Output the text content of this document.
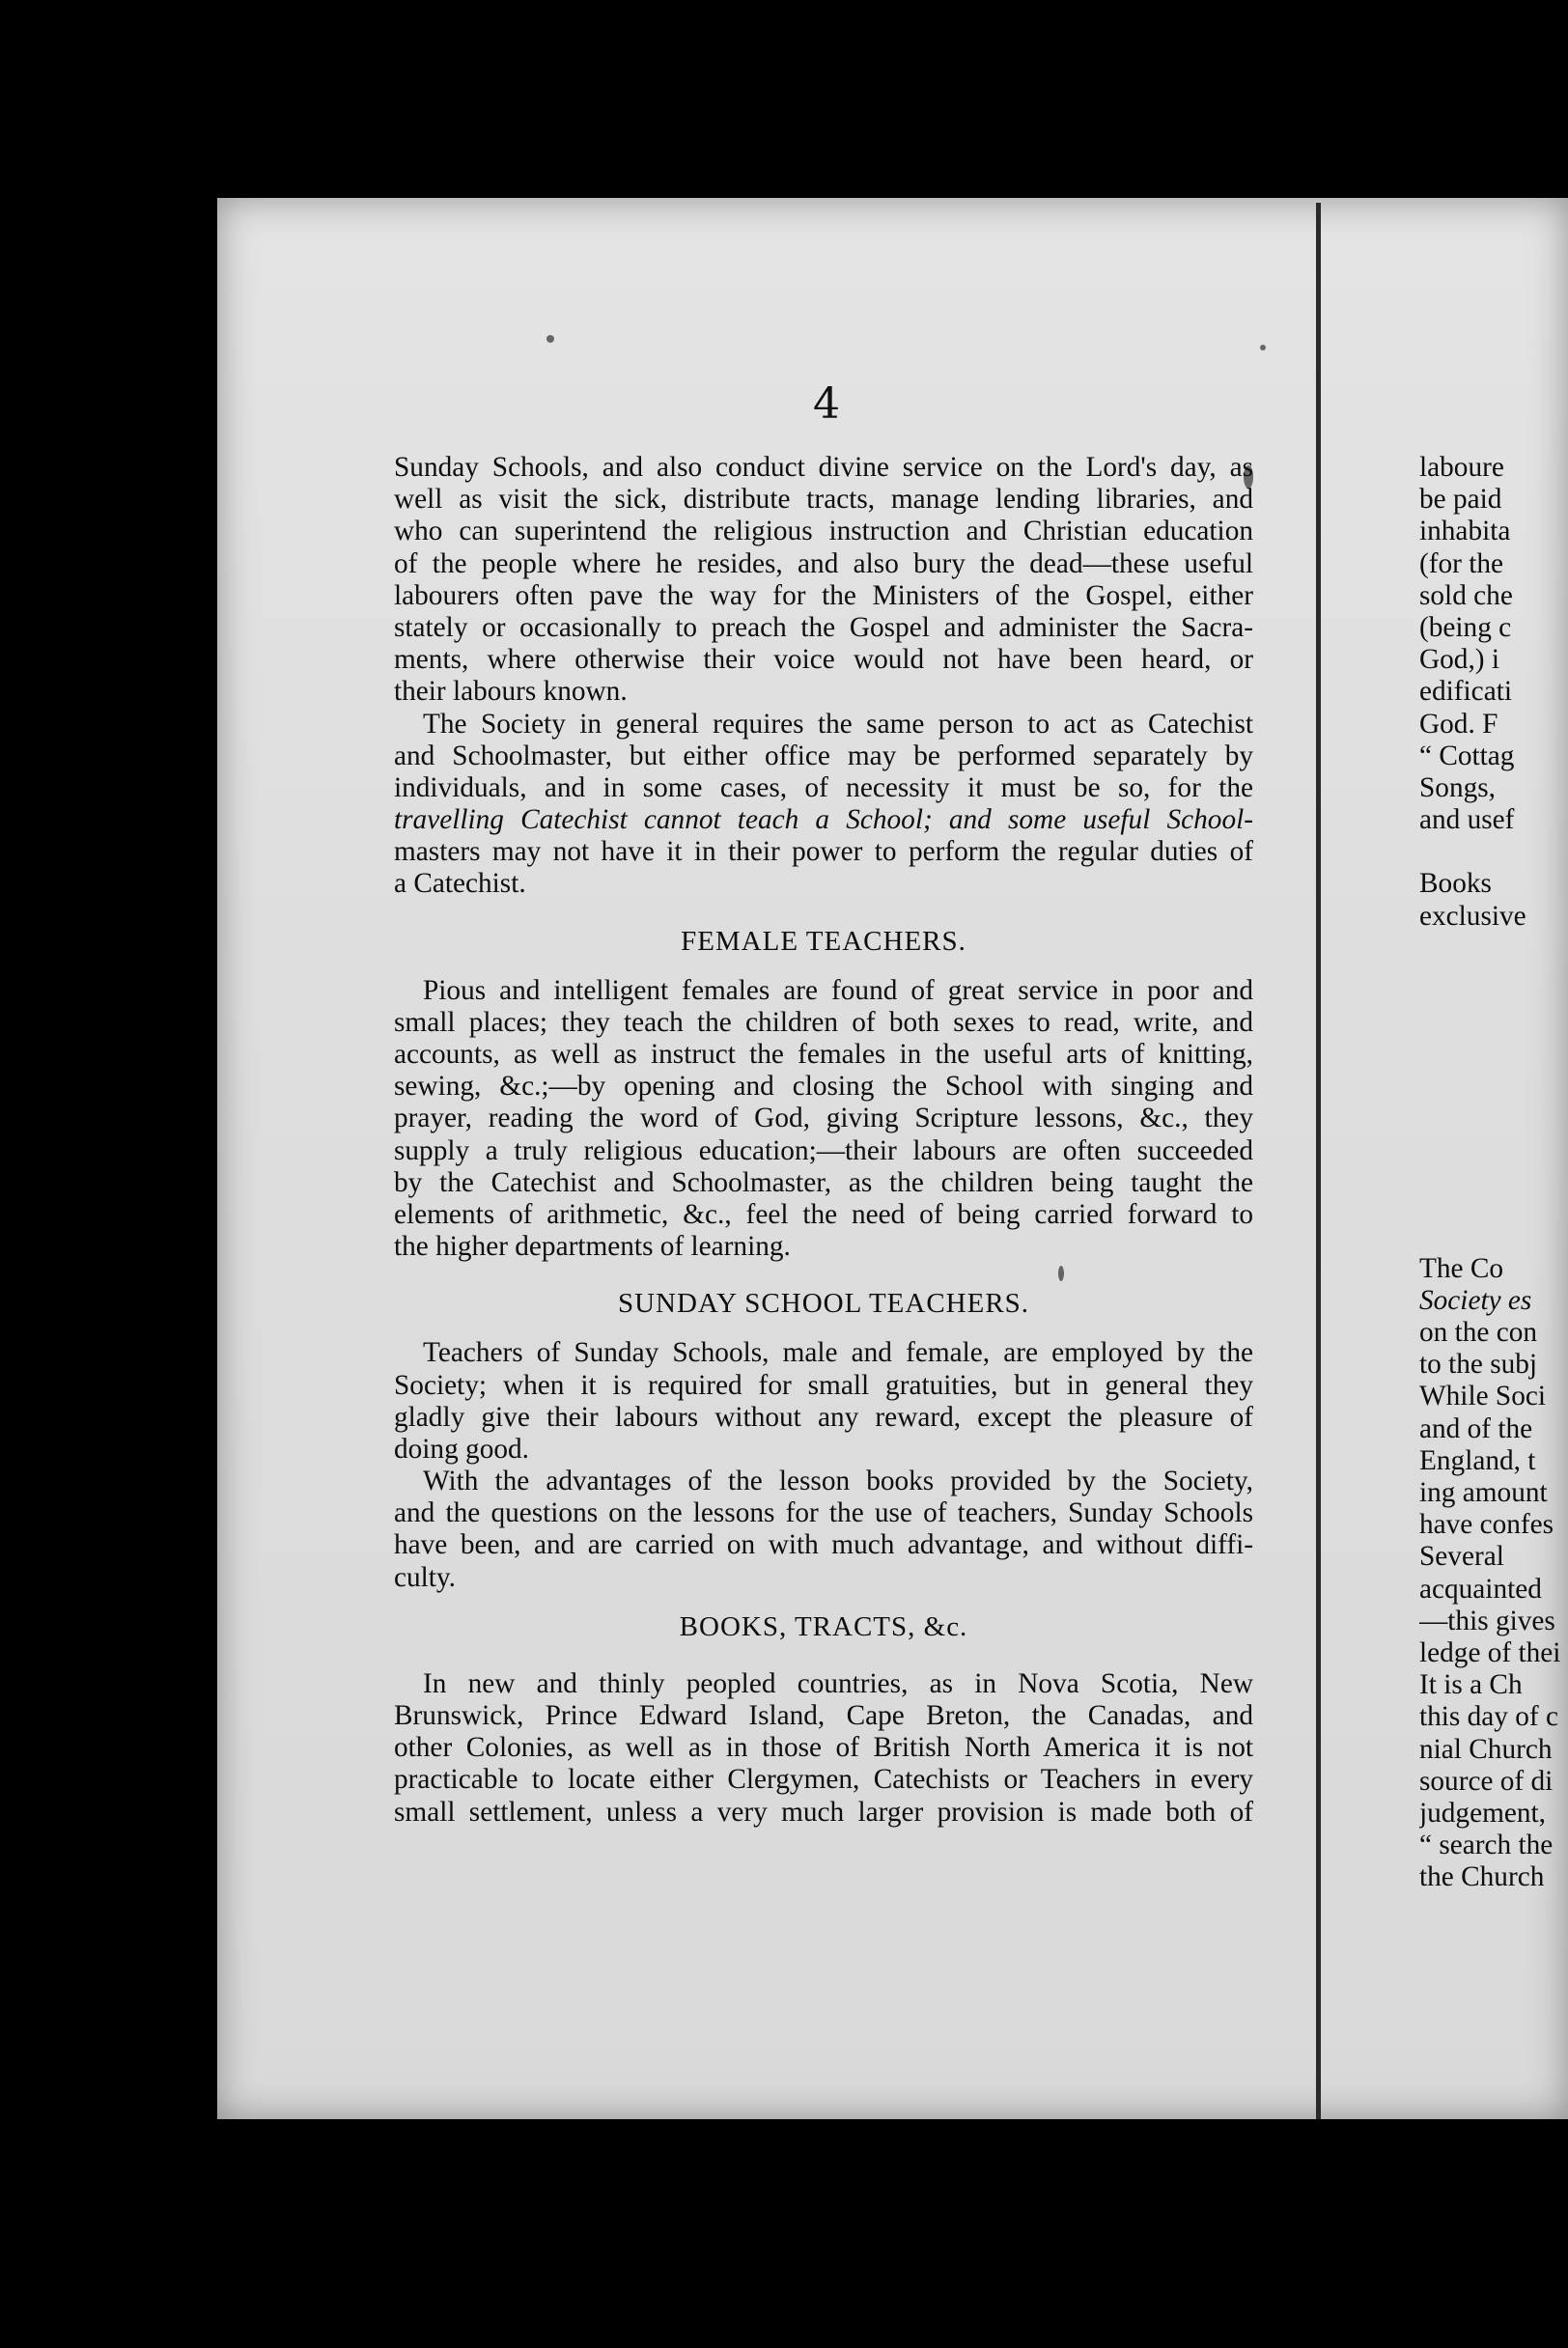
4
Sunday Schools, and also conduct divine service on the Lord's day, as
well as visit the sick, distribute tracts, manage lending libraries, and
who can superintend the religious instruction and Christian education
of the people where he resides, and also bury the dead—these useful
labourers often pave the way for the Ministers of the Gospel, either
stately or occasionally to preach the Gospel and administer the Sacra-
ments, where otherwise their voice would not have been heard, or
their labours known.
The Society in general requires the same person to act as Catechist
and Schoolmaster, but either office may be performed separately by
individuals, and in some cases, of necessity it must be so, for the
travelling Catechist cannot teach a School; and some useful School-
masters may not have it in their power to perform the regular duties of
a Catechist.
FEMALE TEACHERS.
Pious and intelligent females are found of great service in poor and
small places; they teach the children of both sexes to read, write, and
accounts, as well as instruct the females in the useful arts of knitting,
sewing, &c.;—by opening and closing the School with singing and
prayer, reading the word of God, giving Scripture lessons, &c., they
supply a truly religious education;—their labours are often succeeded
by the Catechist and Schoolmaster, as the children being taught the
elements of arithmetic, &c., feel the need of being carried forward to
the higher departments of learning.
SUNDAY SCHOOL TEACHERS.
Teachers of Sunday Schools, male and female, are employed by the
Society; when it is required for small gratuities, but in general they
gladly give their labours without any reward, except the pleasure of
doing good.
With the advantages of the lesson books provided by the Society,
and the questions on the lessons for the use of teachers, Sunday Schools
have been, and are carried on with much advantage, and without diffi-
culty.
BOOKS, TRACTS, &c.
In new and thinly peopled countries, as in Nova Scotia, New
Brunswick, Prince Edward Island, Cape Breton, the Canadas, and
other Colonies, as well as in those of British North America it is not
practicable to locate either Clergymen, Catechists or Teachers in every
small settlement, unless a very much larger provision is made both of
laboure
be paid
inhabita
(for the
sold che
(being c
God,) i
edificati
God. F
“ Cottag
Songs,
and usef
Books
exclusive
The Co
Society es
on the con
to the subj
While Soci
and of the
England, t
ing amount
have confes
Several
acquainted
—this gives
ledge of thei
It is a Ch
this day of c
nial Church
source of di
judgement,
“ search the
the Church
